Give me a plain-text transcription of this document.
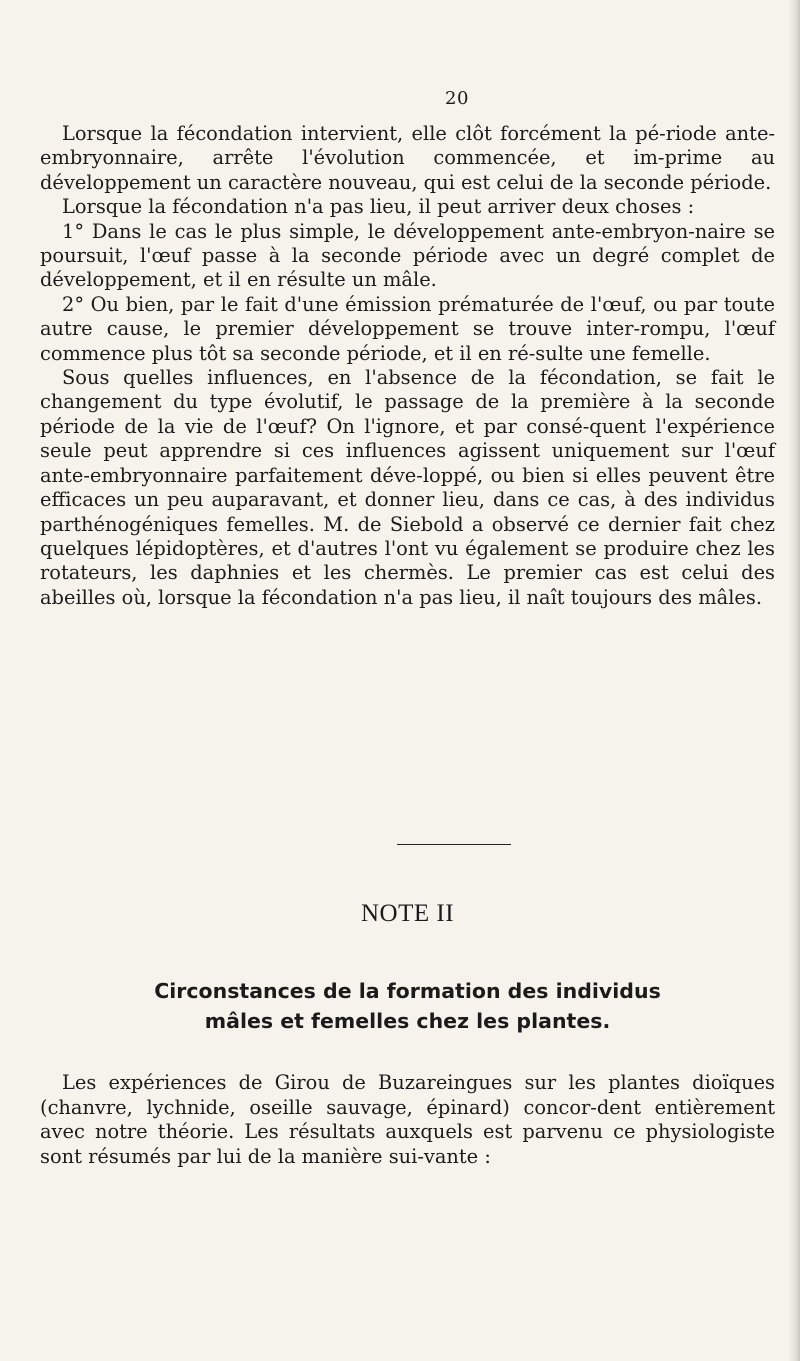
20

Lorsque la fécondation intervient, elle clôt forcément la pé-riode ante-embryonnaire, arrête l'évolution commencée, et im-prime au développement un caractère nouveau, qui est celui de la seconde période.

Lorsque la fécondation n'a pas lieu, il peut arriver deux choses :

1° Dans le cas le plus simple, le développement ante-embryon-naire se poursuit, l'œuf passe à la seconde période avec un degré complet de développement, et il en résulte un mâle.

2° Ou bien, par le fait d'une émission prématurée de l'œuf, ou par toute autre cause, le premier développement se trouve inter-rompu, l'œuf commence plus tôt sa seconde période, et il en ré-sulte une femelle.

Sous quelles influences, en l'absence de la fécondation, se fait le changement du type évolutif, le passage de la première à la seconde période de la vie de l'œuf? On l'ignore, et par consé-quent l'expérience seule peut apprendre si ces influences agissent uniquement sur l'œuf ante-embryonnaire parfaitement déve-loppé, ou bien si elles peuvent être efficaces un peu auparavant, et donner lieu, dans ce cas, à des individus parthénogéniques femelles. M. de Siebold a observé ce dernier fait chez quelques lépidoptères, et d'autres l'ont vu également se produire chez les rotateurs, les daphnies et les chermès. Le premier cas est celui des abeilles où, lorsque la fécondation n'a pas lieu, il naît toujours des mâles.

NOTE II
Circonstances de la formation des individus
mâles et femelles chez les plantes.

Les expériences de Girou de Buzareingues sur les plantes dioïques (chanvre, lychnide, oseille sauvage, épinard) concor-dent entièrement avec notre théorie. Les résultats auxquels est parvenu ce physiologiste sont résumés par lui de la manière sui-vante :
